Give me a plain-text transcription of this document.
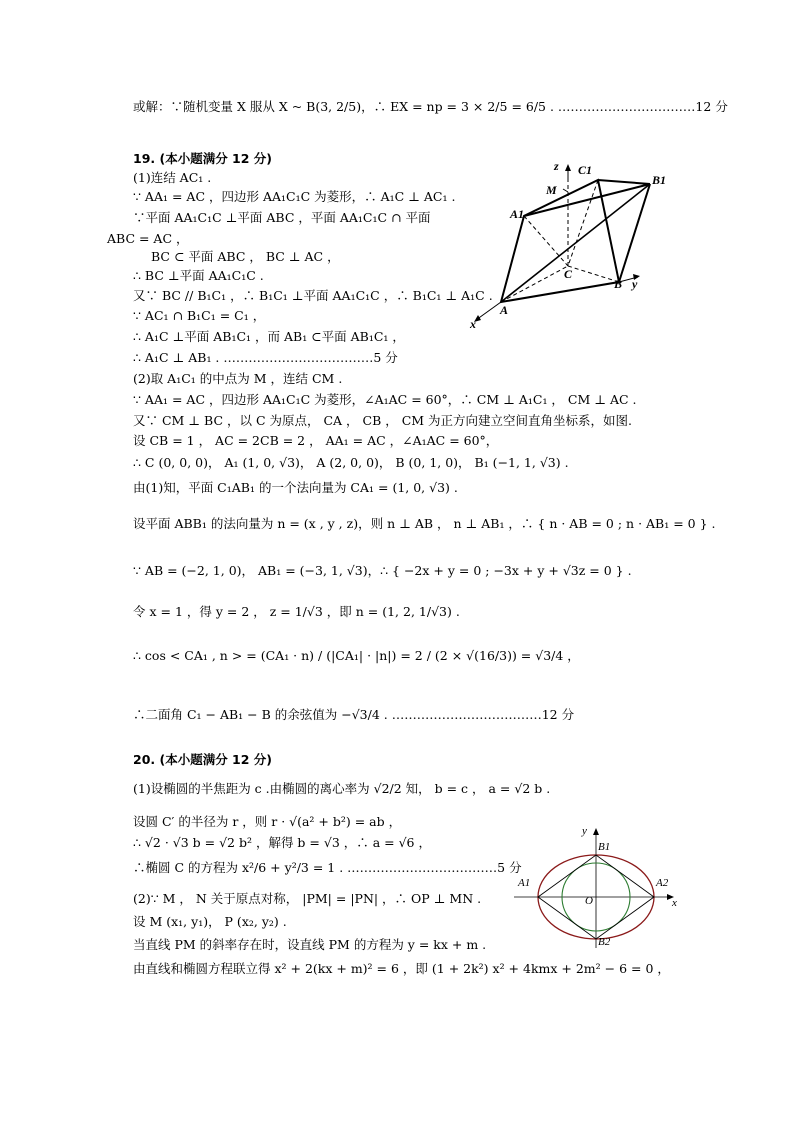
或解：∵随机变量 X 服从 X ~ B(3, 2/5)，∴ EX = np = 3 × 2/5 = 6/5 . ……………………………12 分
19. (本小题满分 12 分)
(1)连结 AC₁ .
∵ AA₁ = AC ，四边形 AA₁C₁C 为菱形，∴ A₁C ⊥ AC₁ .
∵平面 AA₁C₁C ⊥平面 ABC ，平面 AA₁C₁C ∩ 平面
ABC = AC ，
BC ⊂ 平面 ABC ， BC ⊥ AC ，
∴ BC ⊥平面 AA₁C₁C .
又∵ BC // B₁C₁ ，∴ B₁C₁ ⊥平面 AA₁C₁C ，∴ B₁C₁ ⊥ A₁C .
∵ AC₁ ∩ B₁C₁ = C₁ ，
∴ A₁C ⊥平面 AB₁C₁ ，而 AB₁ ⊂平面 AB₁C₁ ，
∴ A₁C ⊥ AB₁ . ………………………………5 分
(2)取 A₁C₁ 的中点为 M ，连结 CM .
∵ AA₁ = AC ，四边形 AA₁C₁C 为菱形，∠A₁AC = 60°，∴ CM ⊥ A₁C₁ ， CM ⊥ AC .
又∵ CM ⊥ BC ，以 C 为原点， CA ， CB ， CM 为正方向建立空间直角坐标系，如图.
设 CB = 1 ， AC = 2CB = 2 ， AA₁ = AC ，∠A₁AC = 60°，
∴ C (0, 0, 0)， A₁ (1, 0, √3)， A (2, 0, 0)， B (0, 1, 0)， B₁ (−1, 1, √3) .
由(1)知，平面 C₁AB₁ 的一个法向量为 CA₁ = (1, 0, √3) .
设平面 ABB₁ 的法向量为 n = (x , y , z)，则 n ⊥ AB ， n ⊥ AB₁ ，∴ { n · AB = 0 ; n · AB₁ = 0 } .
∵ AB = (−2, 1, 0)， AB₁ = (−3, 1, √3)，∴ { −2x + y = 0 ; −3x + y + √3z = 0 } .
令 x = 1 ，得 y = 2 ， z = 1/√3 ，即 n = (1, 2, 1/√3) .
∴ cos < CA₁ , n > = (CA₁ · n) / (|CA₁| · |n|) = 2 / (2 × √(16/3)) = √3/4 ，
∴二面角 C₁ − AB₁ − B 的余弦值为 −√3/4 . ………………………………12 分
20. (本小题满分 12 分)
(1)设椭圆的半焦距为 c .由椭圆的离心率为 √2/2 知， b = c ， a = √2 b .
设圆 C′ 的半径为 r ，则 r · √(a² + b²) = ab ，
∴ √2 · √3 b = √2 b² ，解得 b = √3 ，∴ a = √6 ，
∴椭圆 C 的方程为 x²/6 + y²/3 = 1 . ………………………………5 分
(2)∵ M ， N 关于原点对称， |PM| = |PN| ，∴ OP ⊥ MN .
设 M (x₁, y₁)， P (x₂, y₂) .
当直线 PM 的斜率存在时，设直线 PM 的方程为 y = kx + m .
由直线和椭圆方程联立得 x² + 2(kx + m)² = 6 ，即 (1 + 2k²) x² + 4kmx + 2m² − 6 = 0 ，
z C1
B1
M
A1
C
B y
A
x
y
B1
A1	A2
O	x
B2
